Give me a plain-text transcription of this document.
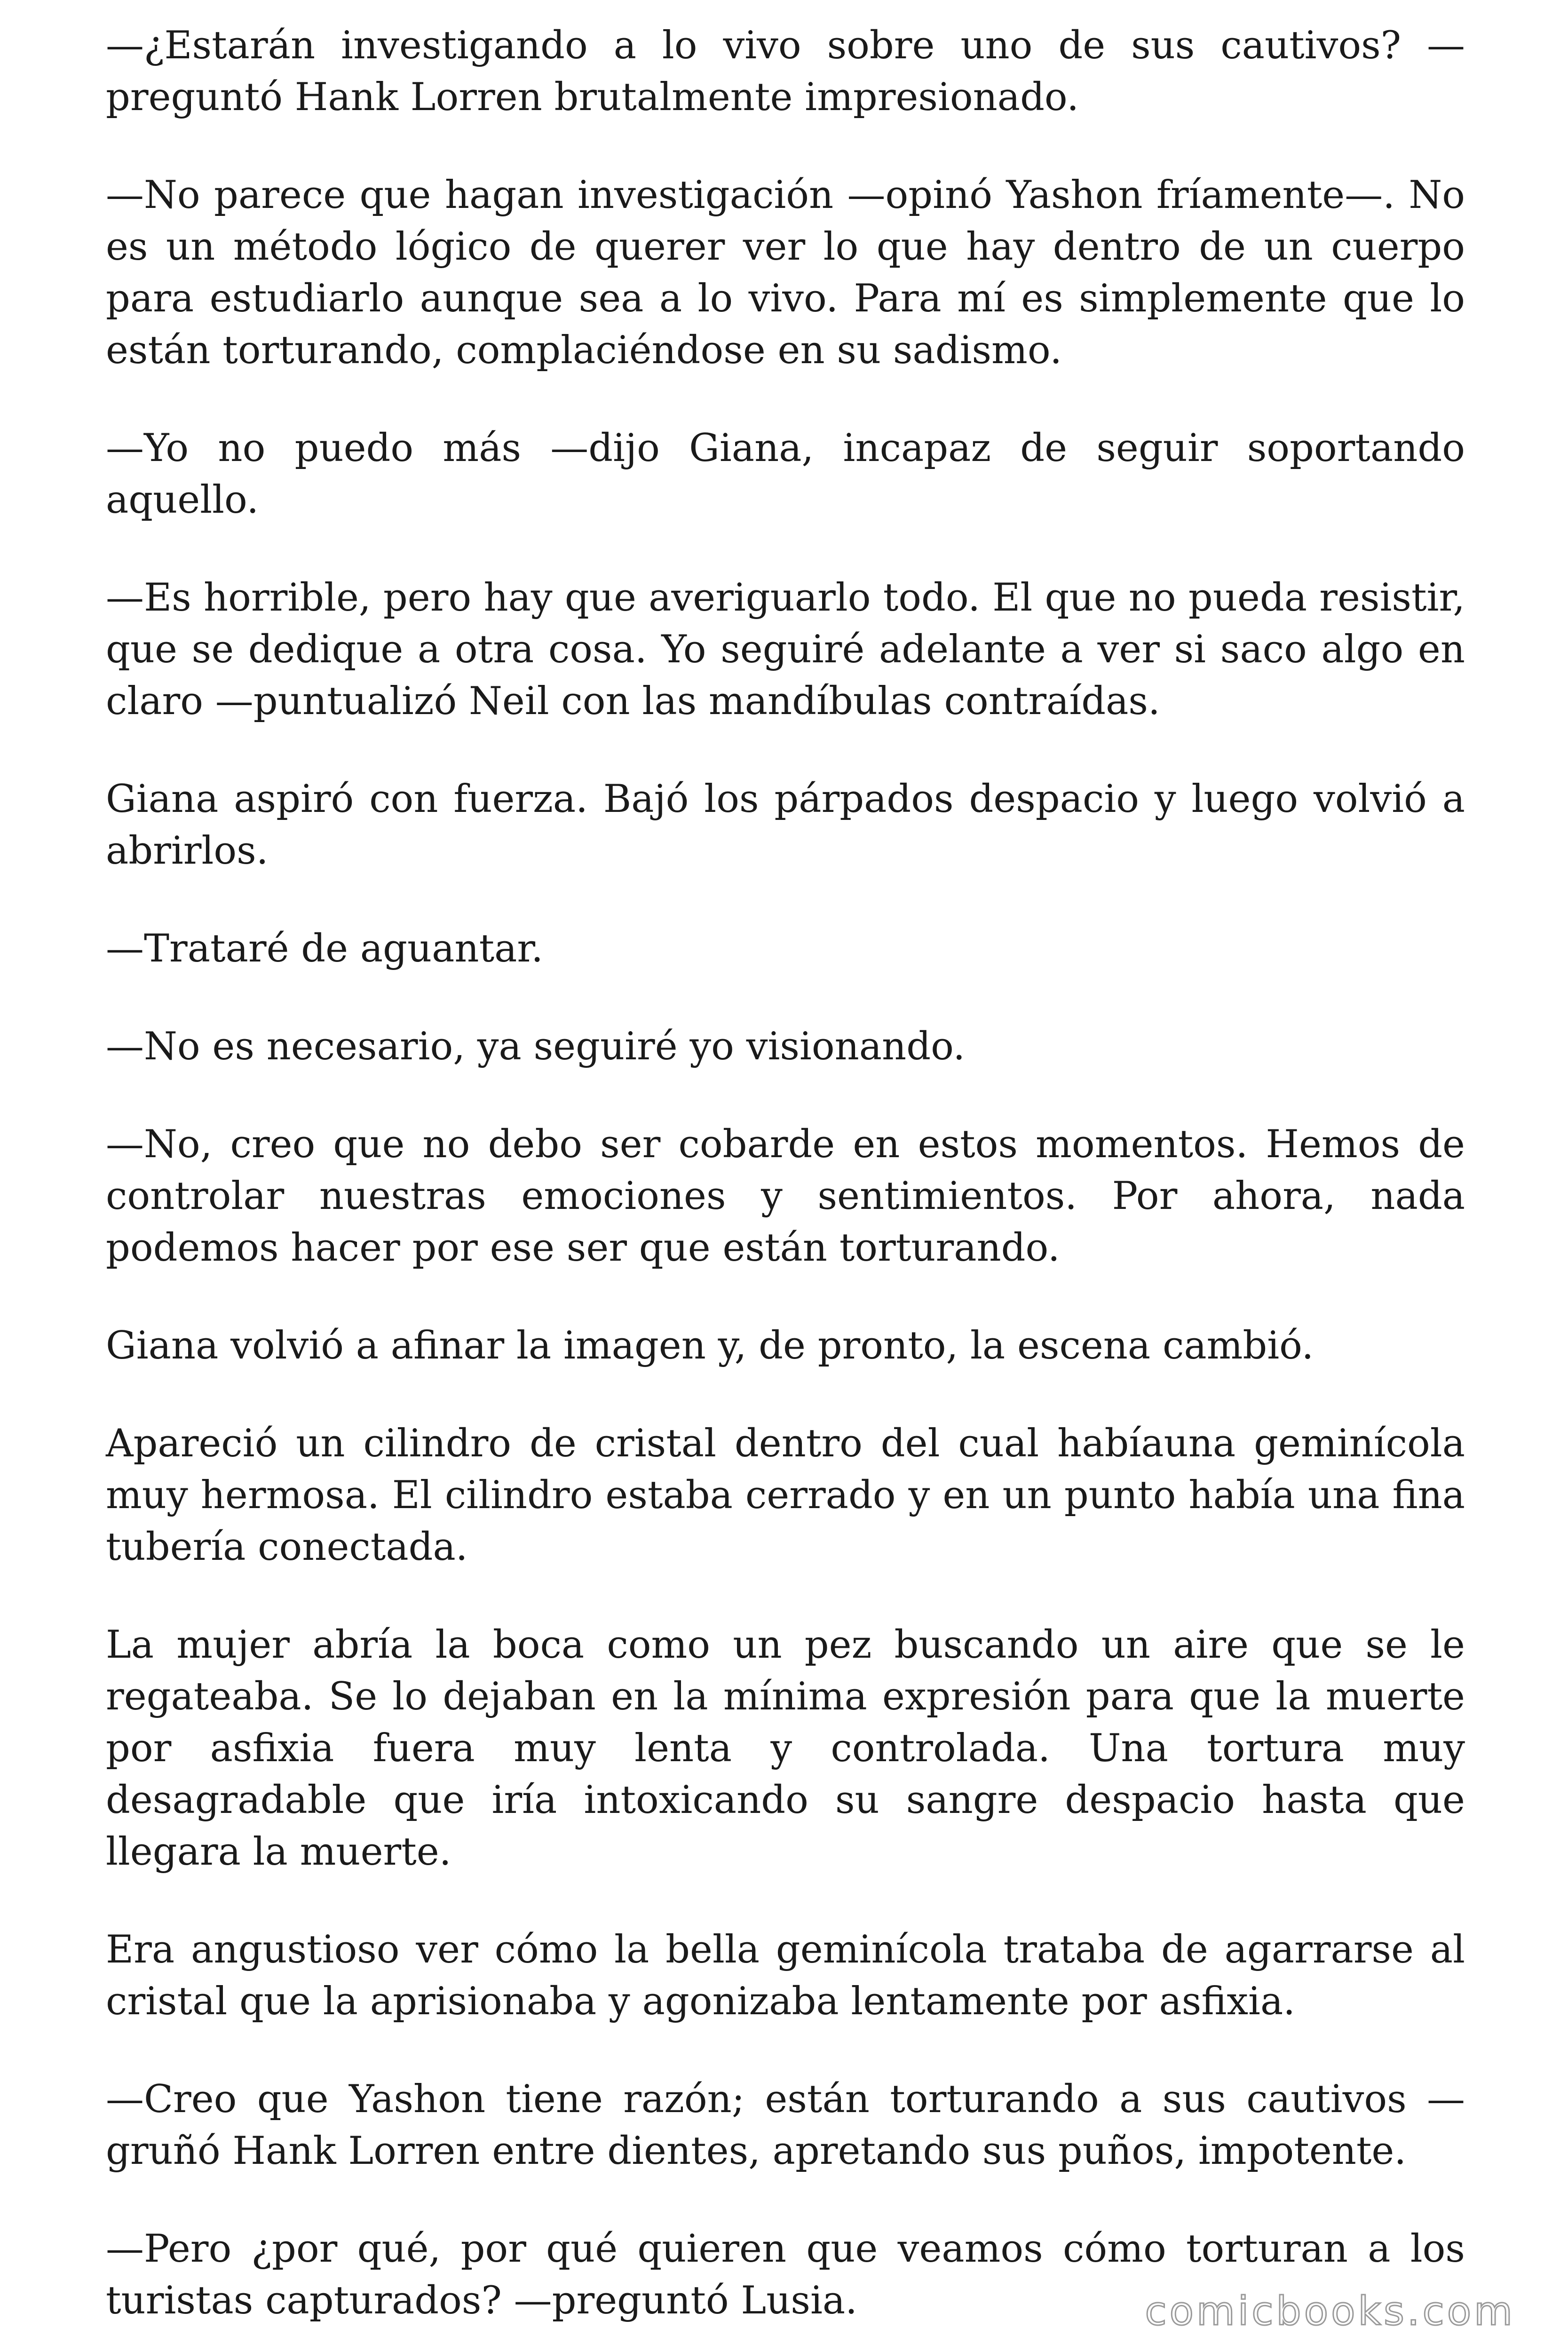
—¿Estarán investigando a lo vivo sobre uno de sus cautivos? —preguntó Hank Lorren brutalmente impresionado.

—No parece que hagan investigación —opinó Yashon fríamente—. No es un método lógico de querer ver lo que hay dentro de un cuerpo para estudiarlo aunque sea a lo vivo. Para mí es simplemente que lo están torturando, complaciéndose en su sadismo.

—Yo no puedo más —dijo Giana, incapaz de seguir soportando aquello.

—Es horrible, pero hay que averiguarlo todo. El que no pueda resistir, que se dedique a otra cosa. Yo seguiré adelante a ver si saco algo en claro —puntualizó Neil con las mandíbulas contraídas.

Giana aspiró con fuerza. Bajó los párpados despacio y luego volvió a abrirlos.

—Trataré de aguantar.

—No es necesario, ya seguiré yo visionando.

—No, creo que no debo ser cobarde en estos momentos. Hemos de controlar nuestras emociones y sentimientos. Por ahora, nada podemos hacer por ese ser que están torturando.

Giana volvió a afinar la imagen y, de pronto, la escena cambió.

Apareció un cilindro de cristal dentro del cual habíauna geminícola muy hermosa. El cilindro estaba cerrado y en un punto había una fina tubería conectada.

La mujer abría la boca como un pez buscando un aire que se le regateaba. Se lo dejaban en la mínima expresión para que la muerte por asfixia fuera muy lenta y controlada. Una tortura muy desagradable que iría intoxicando su sangre despacio hasta que llegara la muerte.

Era angustioso ver cómo la bella geminícola trataba de agarrarse al cristal que la aprisionaba y agonizaba lentamente por asfixia.

—Creo que Yashon tiene razón; están torturando a sus cautivos —gruñó Hank Lorren entre dientes, apretando sus puños, impotente.

—Pero ¿por qué, por qué quieren que veamos cómo torturan a los turistas capturados? —preguntó Lusia.	comicbooks.com
